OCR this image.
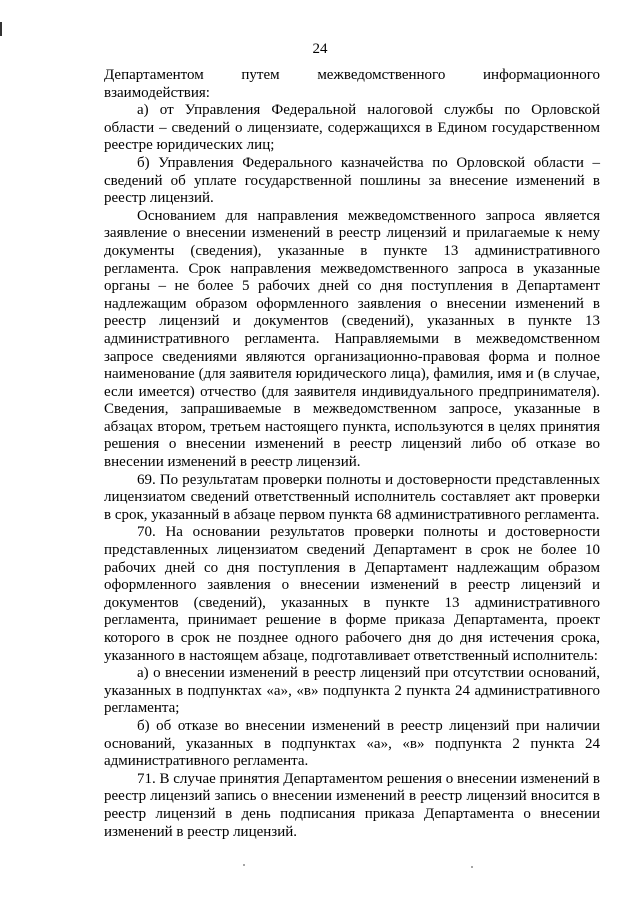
24

Департаментом путем межведомственного информационного взаимодействия:

а) от Управления Федеральной налоговой службы по Орловской области – сведений о лицензиате, содержащихся в Едином государственном реестре юридических лиц;

б) Управления Федерального казначейства по Орловской области – сведений об уплате государственной пошлины за внесение изменений в реестр лицензий.

Основанием для направления межведомственного запроса является заявление о внесении изменений в реестр лицензий и прилагаемые к нему документы (сведения), указанные в пункте 13 административного регламента. Срок направления межведомственного запроса в указанные органы – не более 5 рабочих дней со дня поступления в Департамент надлежащим образом оформленного заявления о внесении изменений в реестр лицензий и документов (сведений), указанных в пункте 13 административного регламента. Направляемыми в межведомственном запросе сведениями являются организационно-правовая форма и полное наименование (для заявителя юридического лица), фамилия, имя и (в случае, если имеется) отчество (для заявителя индивидуального предпринимателя). Сведения, запрашиваемые в межведомственном запросе, указанные в абзацах втором, третьем настоящего пункта, используются в целях принятия решения о внесении изменений в реестр лицензий либо об отказе во внесении изменений в реестр лицензий.

69. По результатам проверки полноты и достоверности представленных лицензиатом сведений ответственный исполнитель составляет акт проверки в срок, указанный в абзаце первом пункта 68 административного регламента.

70. На основании результатов проверки полноты и достоверности представленных лицензиатом сведений Департамент в срок не более 10 рабочих дней со дня поступления в Департамент надлежащим образом оформленного заявления о внесении изменений в реестр лицензий и документов (сведений), указанных в пункте 13 административного регламента, принимает решение в форме приказа Департамента, проект которого в срок не позднее одного рабочего дня до дня истечения срока, указанного в настоящем абзаце, подготавливает ответственный исполнитель:

а) о внесении изменений в реестр лицензий при отсутствии оснований, указанных в подпунктах «а», «в» подпункта 2 пункта 24 административного регламента;

б) об отказе во внесении изменений в реестр лицензий при наличии оснований, указанных в подпунктах «а», «в» подпункта 2 пункта 24 административного регламента.

71. В случае принятия Департаментом решения о внесении изменений в реестр лицензий запись о внесении изменений в реестр лицензий вносится в реестр лицензий в день подписания приказа Департамента о внесении изменений в реестр лицензий.
